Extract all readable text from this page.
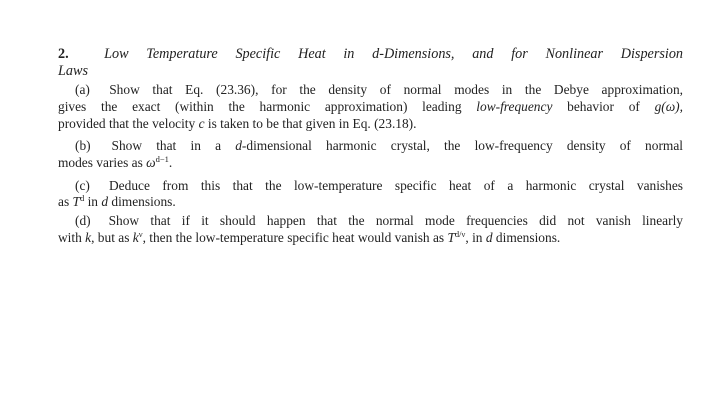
2. Low Temperature Specific Heat in d-Dimensions, and for Nonlinear Dispersion
Laws
(a)  Show that Eq. (23.36), for the density of normal modes in the Debye approximation,
gives the exact (within the harmonic approximation) leading low-frequency behavior of g(ω),
provided that the velocity c is taken to be that given in Eq. (23.18).
(b)  Show that in a d-dimensional harmonic crystal, the low-frequency density of normal
modes varies as $\omega^{d-1}$.
(c)  Deduce from this that the low-temperature specific heat of a harmonic crystal vanishes
as $T^d$ in d dimensions.
(d)  Show that if it should happen that the normal mode frequencies did not vanish linearly
with k, but as $k^\nu$, then the low-temperature specific heat would vanish as $T^{d/\nu}$, in d dimensions.
